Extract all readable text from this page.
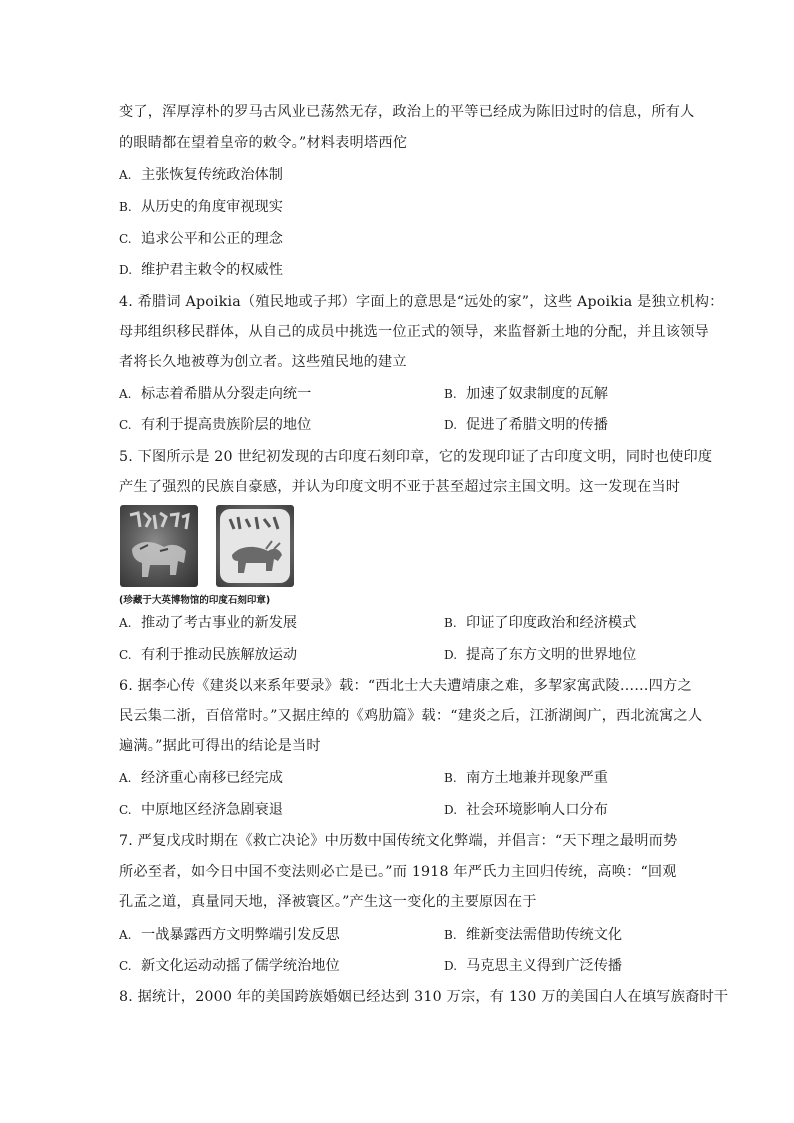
变了，浑厚淳朴的罗马古风业已荡然无存，政治上的平等已经成为陈旧过时的信息，所有人
的眼睛都在望着皇帝的敕令。”材料表明塔西佗
A. 主张恢复传统政治体制
B. 从历史的角度审视现实
C. 追求公平和公正的理念
D. 维护君主敕令的权威性
4. 希腊词 Apoikia（殖民地或子邦）字面上的意思是“远处的家”，这些 Apoikia 是独立机构：
母邦组织移民群体，从自己的成员中挑选一位正式的领导，来监督新土地的分配，并且该领导
者将长久地被尊为创立者。这些殖民地的建立
A. 标志着希腊从分裂走向统一	B. 加速了奴隶制度的瓦解
C. 有利于提高贵族阶层的地位	D. 促进了希腊文明的传播
5. 下图所示是 20 世纪初发现的古印度石刻印章，它的发现印证了古印度文明，同时也使印度
产生了强烈的民族自豪感，并认为印度文明不亚于甚至超过宗主国文明。这一发现在当时
(珍藏于大英博物馆的印度石刻印章)
A. 推动了考古事业的新发展	B. 印证了印度政治和经济模式
C. 有利于推动民族解放运动	D. 提高了东方文明的世界地位
6. 据李心传《建炎以来系年要录》载：“西北士大夫遭靖康之难，多挈家寓武陵……四方之
民云集二浙，百倍常时。”又据庄绰的《鸡肋篇》载：“建炎之后，江浙湖闽广，西北流寓之人
遍满。”据此可得出的结论是当时
A. 经济重心南移已经完成	B. 南方土地兼并现象严重
C. 中原地区经济急剧衰退	D. 社会环境影响人口分布
7. 严复戊戌时期在《救亡决论》中历数中国传统文化弊端，并倡言：“天下理之最明而势
所必至者，如今日中国不变法则必亡是已。”而 1918 年严氏力主回归传统，高唤：“回观
孔孟之道，真量同天地，泽被寰区。”产生这一变化的主要原因在于
A. 一战暴露西方文明弊端引发反思	B. 维新变法需借助传统文化
C. 新文化运动动摇了儒学统治地位	D. 马克思主义得到广泛传播
8. 据统计，2000 年的美国跨族婚姻已经达到 310 万宗，有 130 万的美国白人在填写族裔时干
